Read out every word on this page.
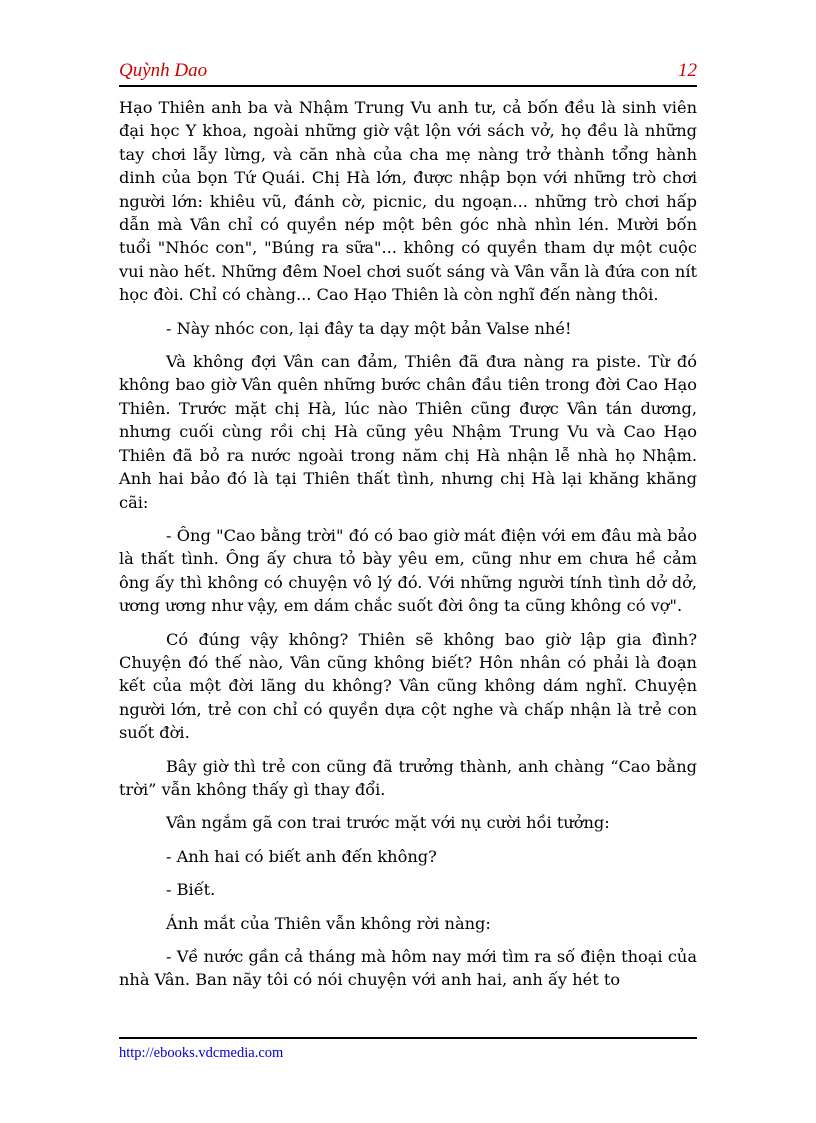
Quỳnh Dao	12

Hạo Thiên anh ba và Nhậm Trung Vu anh tư, cả bốn đều là sinh viên đại học Y khoa, ngoài những giờ vật lộn với sách vở, họ đều là những tay chơi lẫy lừng, và căn nhà của cha mẹ nàng trở thành tổng hành dinh của bọn Tứ Quái. Chị Hà lớn, được nhập bọn với những trò chơi người lớn: khiêu vũ, đánh cờ, picnic, du ngoạn... những trò chơi hấp dẫn mà Vân chỉ có quyền nép một bên góc nhà nhìn lén. Mười bốn tuổi "Nhóc con", "Búng ra sữa"... không có quyền tham dự một cuộc vui nào hết. Những đêm Noel chơi suốt sáng và Vân vẫn là đứa con nít học đòi. Chỉ có chàng... Cao Hạo Thiên là còn nghĩ đến nàng thôi.

- Này nhóc con, lại đây ta dạy một bản Valse nhé!

Và không đợi Vân can đảm, Thiên đã đưa nàng ra piste. Từ đó không bao giờ Vân quên những bước chân đầu tiên trong đời Cao Hạo Thiên. Trước mặt chị Hà, lúc nào Thiên cũng được Vân tán dương, nhưng cuối cùng rồi chị Hà cũng yêu Nhậm Trung Vu và Cao Hạo Thiên đã bỏ ra nước ngoài trong năm chị Hà nhận lễ nhà họ Nhậm. Anh hai bảo đó là tại Thiên thất tình, nhưng chị Hà lại khăng khăng cãi:

- Ông "Cao bằng trời" đó có bao giờ mát điện với em đâu mà bảo là thất tình. Ông ấy chưa tỏ bày yêu em, cũng như em chưa hề cảm ông ấy thì không có chuyện vô lý đó. Với những người tính tình dở dở, ương ương như vậy, em dám chắc suốt đời ông ta cũng không có vợ".

Có đúng vậy không? Thiên sẽ không bao giờ lập gia đình? Chuyện đó thế nào, Vân cũng không biết? Hôn nhân có phải là đoạn kết của một đời lãng du không? Vân cũng không dám nghĩ. Chuyện người lớn, trẻ con chỉ có quyền dựa cột nghe và chấp nhận là trẻ con suốt đời.

Bây giờ thì trẻ con cũng đã trưởng thành, anh chàng “Cao bằng trời” vẫn không thấy gì thay đổi.

Vân ngắm gã con trai trước mặt với nụ cười hồi tưởng:

- Anh hai có biết anh đến không?

- Biết.

Ánh mắt của Thiên vẫn không rời nàng:

- Về nước gần cả tháng mà hôm nay mới tìm ra số điện thoại của nhà Vân. Ban nãy tôi có nói chuyện với anh hai, anh ấy hét to

http://ebooks.vdcmedia.com
